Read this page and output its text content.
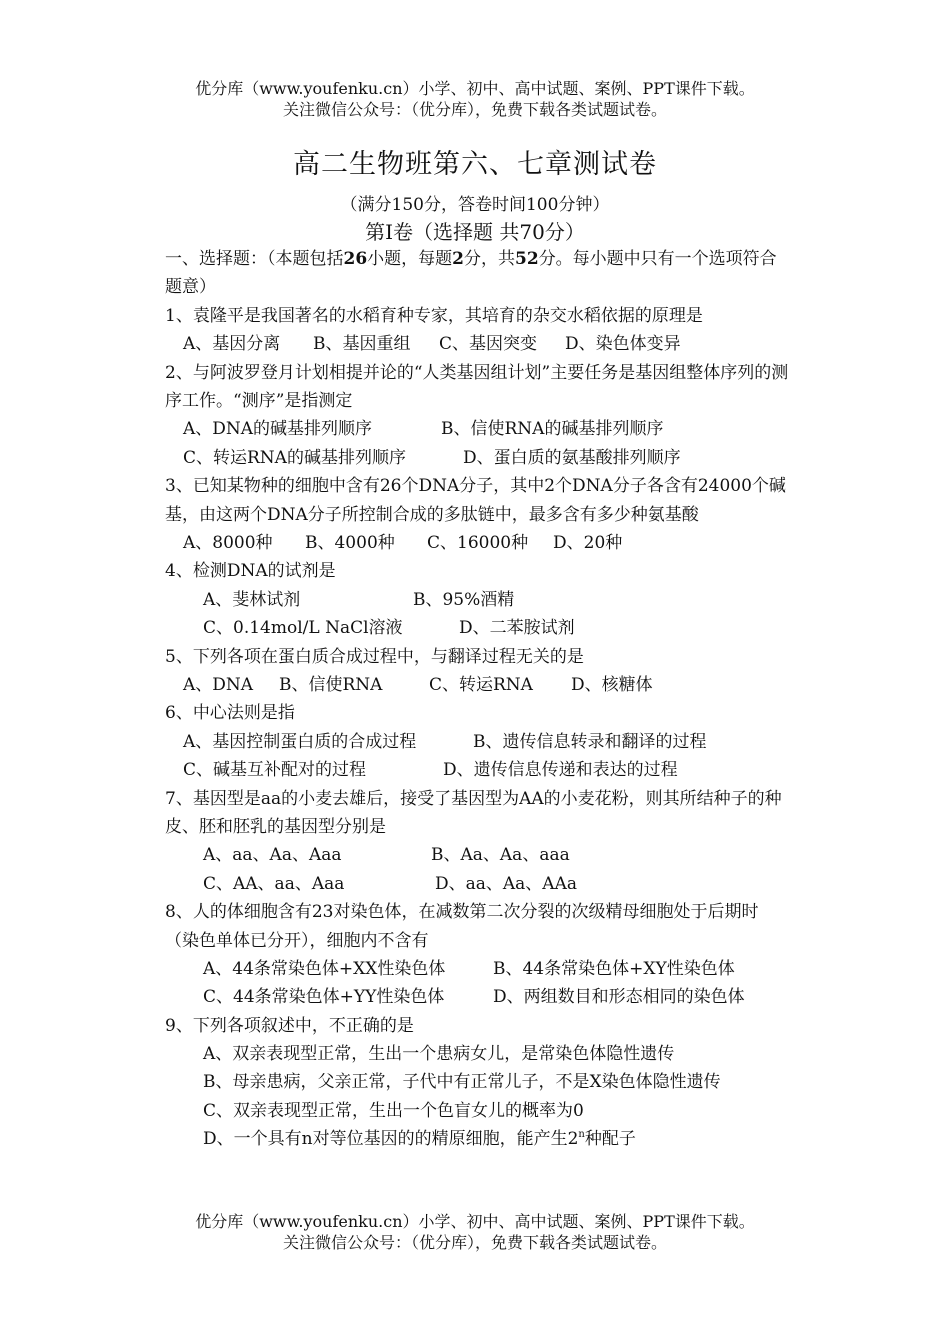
优分库（www.youfenku.cn）小学、初中、高中试题、案例、PPT课件下载。
关注微信公众号：（优分库），免费下载各类试题试卷。
高二生物班第六、七章测试卷
（满分150分，答卷时间100分钟）
第I卷（选择题 共70分）
一、选择题：（本题包括26小题，每题2分，共52分。每小题中只有一个选项符合题意）
1、袁隆平是我国著名的水稻育种专家，其培育的杂交水稻依据的原理是
A、基因分离 B、基因重组 C、基因突变 D、染色体变异
2、与阿波罗登月计划相提并论的“人类基因组计划”主要任务是基因组整体序列的测序工作。“测序”是指测定
A、DNA的碱基排列顺序	B、信使RNA的碱基排列顺序
C、转运RNA的碱基排列顺序	D、蛋白质的氨基酸排列顺序
3、已知某物种的细胞中含有26个DNA分子，其中2个DNA分子各含有24000个碱基，由这两个DNA分子所控制合成的多肽链中，最多含有多少种氨基酸
A、8000种 B、4000种 C、16000种 D、20种
4、检测DNA的试剂是
A、斐林试剂	B、95%酒精
C、0.14mol/L NaCl溶液	D、二苯胺试剂
5、下列各项在蛋白质合成过程中，与翻译过程无关的是
A、DNA B、信使RNA	C、转运RNA D、核糖体
6、中心法则是指
A、基因控制蛋白质的合成过程	B、遗传信息转录和翻译的过程
C、碱基互补配对的过程	D、遗传信息传递和表达的过程
7、基因型是aa的小麦去雄后，接受了基因型为AA的小麦花粉，则其所结种子的种皮、胚和胚乳的基因型分别是
A、aa、Aa、Aaa	B、Aa、Aa、aaa
C、AA、aa、Aaa	D、aa、Aa、AAa
8、人的体细胞含有23对染色体，在减数第二次分裂的次级精母细胞处于后期时（染色单体已分开），细胞内不含有
A、44条常染色体+XX性染色体	B、44条常染色体+XY性染色体
C、44条常染色体+YY性染色体	D、两组数目和形态相同的染色体
9、下列各项叙述中，不正确的是
A、双亲表现型正常，生出一个患病女儿，是常染色体隐性遗传
B、母亲患病，父亲正常，子代中有正常儿子，不是X染色体隐性遗传
C、双亲表现型正常，生出一个色盲女儿的概率为0
D、一个具有n对等位基因的的精原细胞，能产生2$^n$种配子
优分库（www.youfenku.cn）小学、初中、高中试题、案例、PPT课件下载。
关注微信公众号：（优分库），免费下载各类试题试卷。
